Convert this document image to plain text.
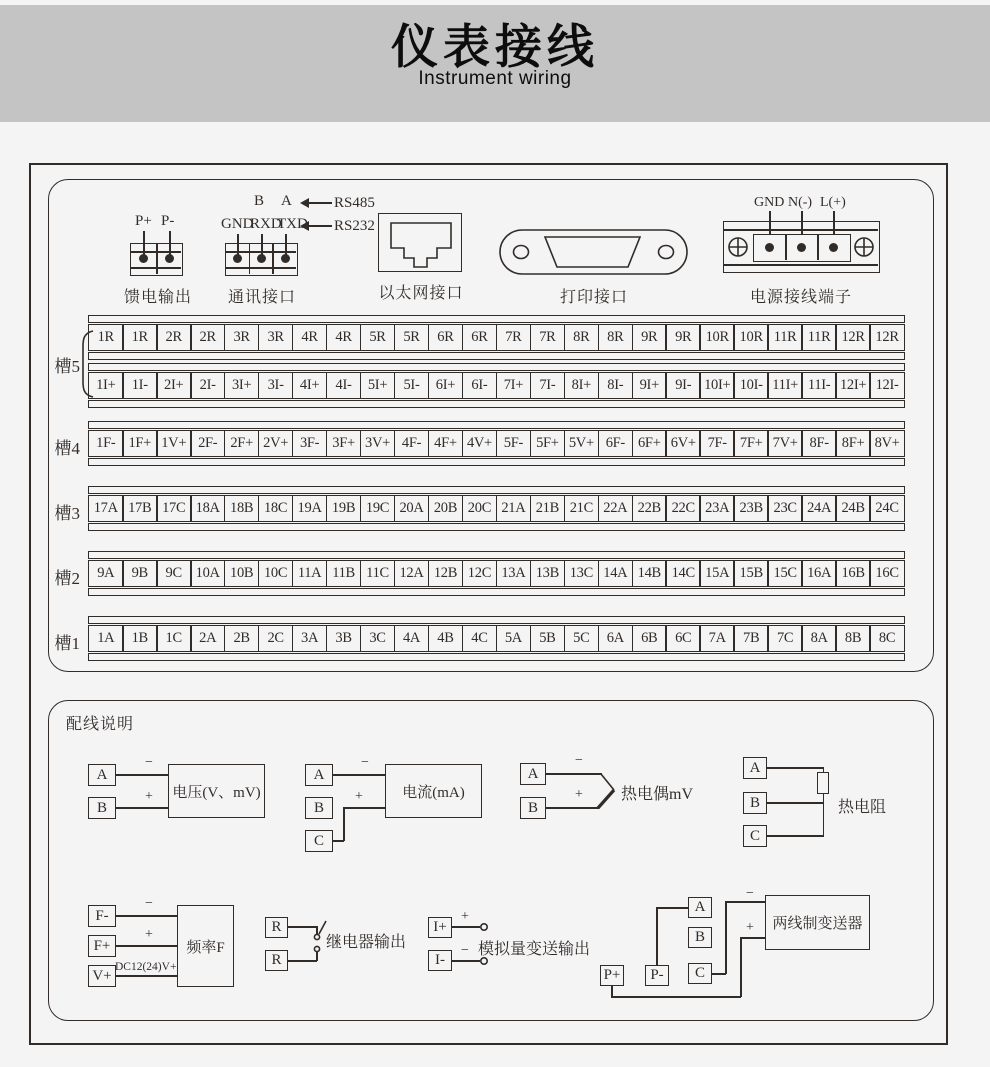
仪表接线
Instrument wiring
P+ P-
馈电输出
B A	RS485
GND
RXD
TXD RS232
通讯接口	以太网接口	打印接口
GND N(-) L(+)
电源接线端子
槽5
1R	1R	2R	2R	3R	3R	4R	4R	5R	5R	6R	6R	7R	7R	8R	8R	9R	9R 10R 10R 11R 11R 12R 12R
1I+	1I-	2I+	2I-	3I+	3I-	4I+	4I-	5I+	5I-	6I+	6I-	7I+	7I-	8I+	8I-	9I+	9I- 10I+ 10I- 11I+ 11I- 12I+ 12I-
槽4	1F- 1F+ 1V+ 2F- 2F+ 2V+ 3F- 3F+ 3V+ 4F- 4F+ 4V+ 5F- 5F+ 5V+ 6F- 6F+ 6V+ 7F- 7F+ 7V+ 8F- 8F+ 8V+
槽3 17A 17B 17C 18A 18B 18C 19A 19B 19C 20A 20B 20C 21A 21B 21C 22A 22B 22C 23A 23B 23C 24A 24B 24C
槽2	9A	9B	9C 10A 10B 10C 11A 11B 11C 12A 12B 12C 13A 13B 13C 14A 14B 14C 15A 15B 15C 16A 16B 16C
槽1	1A	1B	1C	2A	2B	2C	3A	3B	3C	4A	4B	4C	5A	5B	5C	6A	6B	6C	7A	7B	7C	8A	8B	8C
配线说明
A
B
−
+ 电压(V、mV)
A
B
C
−
+	电流(mA)
A
B
−
+ 热电偶mV
A
B
C
热电阻
F-
F+
V+
−
+
DC12(24)V+
频率F
R
R
继电器输出
I+
I-
+
− 模拟量变送输出
A
B
C
P+	P-
−
+	两线制变送器
